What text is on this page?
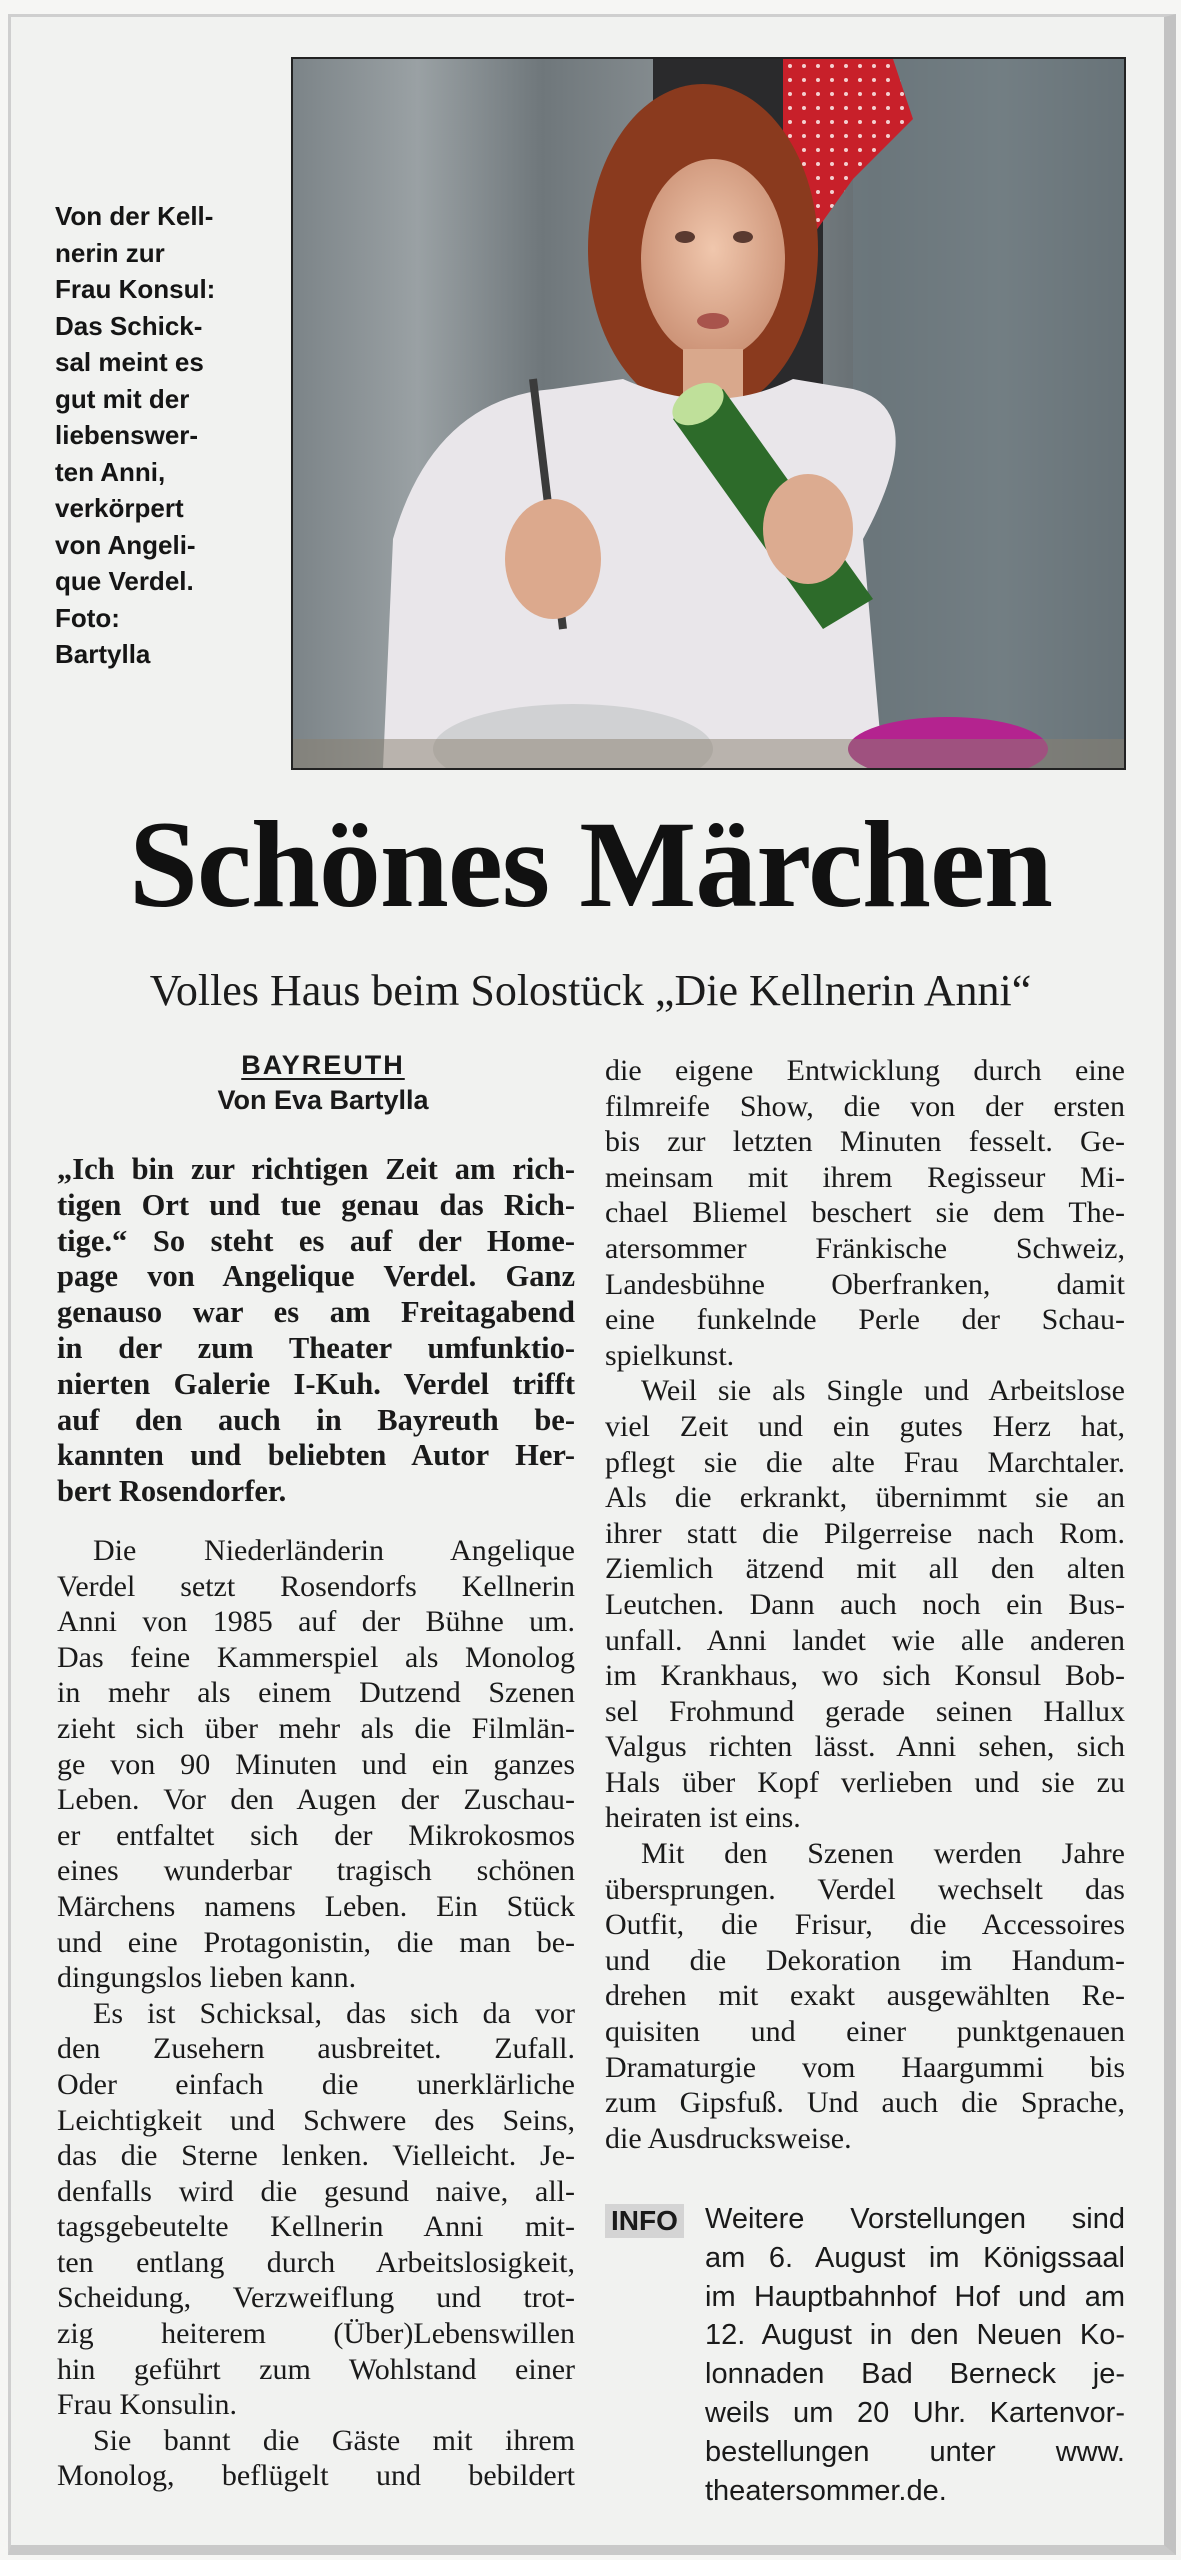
Von der Kell-
nerin zur
Frau Konsul:
Das Schick-
sal meint es
gut mit der
liebenswer-
ten Anni,
verkörpert
von Angeli-
que Verdel.
Foto:
Bartylla
Schönes Märchen
Volles Haus beim Solostück „Die Kellnerin Anni“
BAYREUTH
Von Eva Bartylla
„Ich bin zur richtigen Zeit am rich-
tigen Ort und tue genau das Rich-
tige.“ So steht es auf der Home-
page von Angelique Verdel. Ganz
genauso war es am Freitagabend
in der zum Theater umfunktio-
nierten Galerie I-Kuh. Verdel trifft
auf den auch in Bayreuth be-
kannten und beliebten Autor Her-
bert Rosendorfer.
Die Niederländerin Angelique
Verdel setzt Rosendorfs Kellnerin
Anni von 1985 auf der Bühne um.
Das feine Kammerspiel als Monolog
in mehr als einem Dutzend Szenen
zieht sich über mehr als die Filmlän-
ge von 90 Minuten und ein ganzes
Leben. Vor den Augen der Zuschau-
er entfaltet sich der Mikrokosmos
eines wunderbar tragisch schönen
Märchens namens Leben. Ein Stück
und eine Protagonistin, die man be-
dingungslos lieben kann.
Es ist Schicksal, das sich da vor
den Zusehern ausbreitet. Zufall.
Oder einfach die unerklärliche
Leichtigkeit und Schwere des Seins,
das die Sterne lenken. Vielleicht. Je-
denfalls wird die gesund naive, all-
tagsgebeutelte Kellnerin Anni mit-
ten entlang durch Arbeitslosigkeit,
Scheidung, Verzweiflung und trot-
zig heiterem (Über)Lebenswillen
hin geführt zum Wohlstand einer
Frau Konsulin.
Sie bannt die Gäste mit ihrem
Monolog, beflügelt und bebildert
die eigene Entwicklung durch eine
filmreife Show, die von der ersten
bis zur letzten Minuten fesselt. Ge-
meinsam mit ihrem Regisseur Mi-
chael Bliemel beschert sie dem The-
atersommer Fränkische Schweiz,
Landesbühne Oberfranken, damit
eine funkelnde Perle der Schau-
spielkunst.
Weil sie als Single und Arbeitslose
viel Zeit und ein gutes Herz hat,
pflegt sie die alte Frau Marchtaler.
Als die erkrankt, übernimmt sie an
ihrer statt die Pilgerreise nach Rom.
Ziemlich ätzend mit all den alten
Leutchen. Dann auch noch ein Bus-
unfall. Anni landet wie alle anderen
im Krankhaus, wo sich Konsul Bob-
sel Frohmund gerade seinen Hallux
Valgus richten lässt. Anni sehen, sich
Hals über Kopf verlieben und sie zu
heiraten ist eins.
Mit den Szenen werden Jahre
übersprungen. Verdel wechselt das
Outfit, die Frisur, die Accessoires
und die Dekoration im Handum-
drehen mit exakt ausgewählten Re-
quisiten und einer punktgenauen
Dramaturgie vom Haargummi bis
zum Gipsfuß. Und auch die Sprache,
die Ausdrucksweise.
INFO Weitere Vorstellungen sind
am 6. August im Königssaal
im Hauptbahnhof Hof und am
12. August in den Neuen Ko-
lonnaden Bad Berneck je-
weils um 20 Uhr. Kartenvor-
bestellungen unter www.
theatersommer.de.
